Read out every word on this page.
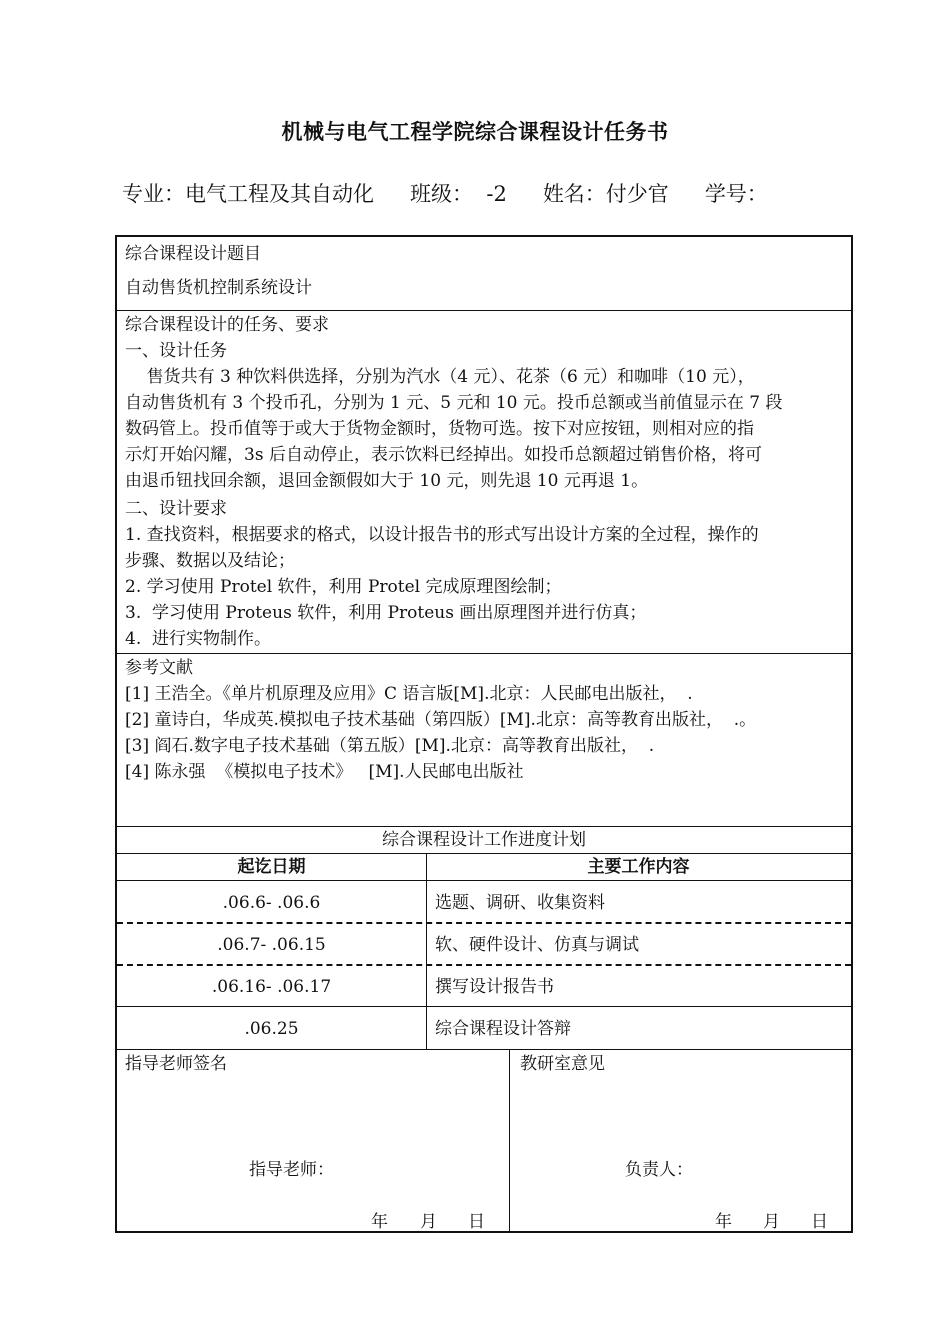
机械与电气工程学院综合课程设计任务书
专业：电气工程及其自动化 班级：  -2 姓名：付少官 学号：
综合课程设计题目
自动售货机控制系统设计
综合课程设计的任务、要求
一、设计任务
售货共有 3 种饮料供选择，分别为汽水（4 元）、花茶（6 元）和咖啡（10 元），
自动售货机有 3 个投币孔，分别为 1 元、5 元和 10 元。投币总额或当前值显示在 7 段
数码管上。投币值等于或大于货物金额时，货物可选。按下对应按钮，则相对应的指
示灯开始闪耀，3s 后自动停止，表示饮料已经掉出。如投币总额超过销售价格，将可
由退币钮找回余额，退回金额假如大于 10 元，则先退 10 元再退 1。
二、设计要求
1. 查找资料，根据要求的格式，以设计报告书的形式写出设计方案的全过程，操作的
步骤、数据以及结论；
2. 学习使用 Protel 软件，利用 Protel 完成原理图绘制；
3.  学习使用 Proteus 软件，利用 Proteus 画出原理图并进行仿真；
4.  进行实物制作。
参考文献
[1] 王浩全。《单片机原理及应用》C 语言版[M].北京：人民邮电出版社，  .
[2] 童诗白，华成英.模拟电子技术基础（第四版）[M].北京：高等教育出版社，  .。
[3] 阎石.数字电子技术基础（第五版）[M].北京：高等教育出版社，  .
[4] 陈永强  《模拟电子技术》   [M].人民邮电出版社
综合课程设计工作进度计划
起讫日期	主要工作内容
.06.6- .06.6	选题、调研、收集资料
.06.7- .06.15	软、硬件设计、仿真与调试
.06.16- .06.17	撰写设计报告书
.06.25	综合课程设计答辩
指导老师签名
指导老师：
年 月 日
教研室意见
负责人：
年 月 日
